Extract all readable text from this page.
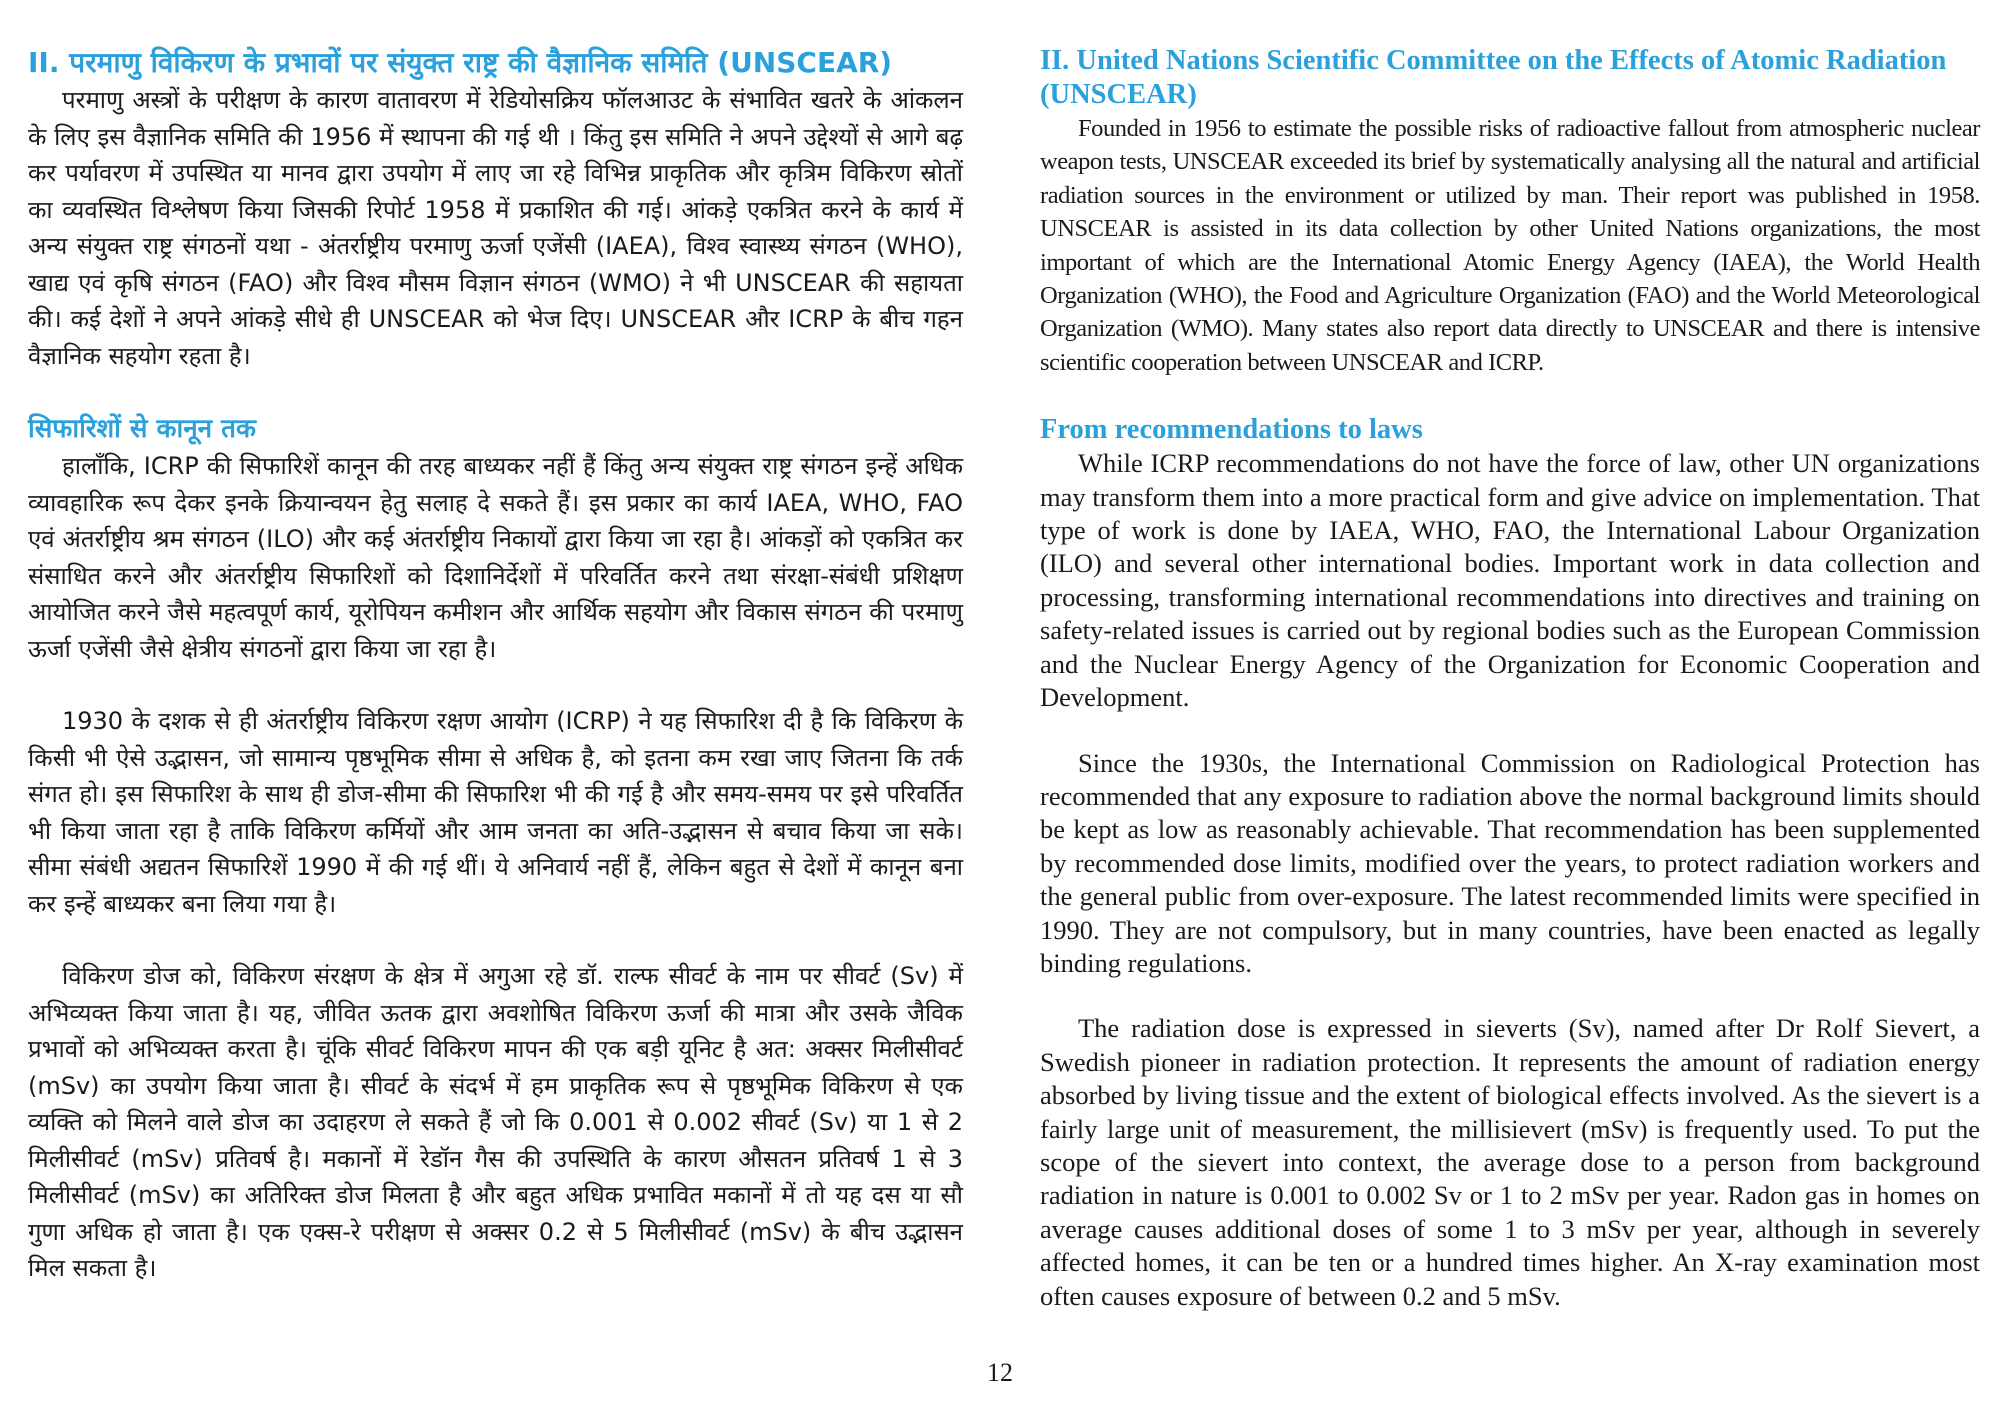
II. परमाणु विकिरण के प्रभावों पर संयुक्त राष्ट्र की वैज्ञानिक समिति (UNSCEAR)

परमाणु अस्त्रों के परीक्षण के कारण वातावरण में रेडियोसक्रिय फॉलआउट के संभावित खतरे के आंकलन के लिए इस वैज्ञानिक समिति की 1956 में स्थापना की गई थी । किंतु इस समिति ने अपने उद्देश्यों से आगे बढ़ कर पर्यावरण में उपस्थित या मानव द्वारा उपयोग में लाए जा रहे विभिन्न प्राकृतिक और कृत्रिम विकिरण स्रोतों का व्यवस्थित विश्लेषण किया जिसकी रिपोर्ट 1958 में प्रकाशित की गई। आंकड़े एकत्रित करने के कार्य में अन्य संयुक्त राष्ट्र संगठनों यथा - अंतर्राष्ट्रीय परमाणु ऊर्जा एजेंसी (IAEA), विश्व स्वास्थ्य संगठन (WHO), खाद्य एवं कृषि संगठन (FAO) और विश्व मौसम विज्ञान संगठन (WMO) ने भी UNSCEAR की सहायता की। कई देशों ने अपने आंकड़े सीधे ही UNSCEAR को भेज दिए। UNSCEAR और ICRP के बीच गहन वैज्ञानिक सहयोग रहता है।

सिफारिशों से कानून तक

हालाँकि, ICRP की सिफारिशें कानून की तरह बाध्यकर नहीं हैं किंतु अन्य संयुक्त राष्ट्र संगठन इन्हें अधिक व्यावहारिक रूप देकर इनके क्रियान्वयन हेतु सलाह दे सकते हैं। इस प्रकार का कार्य IAEA, WHO, FAO एवं अंतर्राष्ट्रीय श्रम संगठन (ILO) और कई अंतर्राष्ट्रीय निकायों द्वारा किया जा रहा है। आंकड़ों को एकत्रित कर संसाधित करने और अंतर्राष्ट्रीय सिफारिशों को दिशानिर्देशों में परिवर्तित करने तथा संरक्षा-संबंधी प्रशिक्षण आयोजित करने जैसे महत्वपूर्ण कार्य, यूरोपियन कमीशन और आर्थिक सहयोग और विकास संगठन की परमाणु ऊर्जा एजेंसी जैसे क्षेत्रीय संगठनों द्वारा किया जा रहा है।

1930 के दशक से ही अंतर्राष्ट्रीय विकिरण रक्षण आयोग (ICRP) ने यह सिफारिश दी है कि विकिरण के किसी भी ऐसे उद्भासन, जो सामान्य पृष्ठभूमिक सीमा से अधिक है, को इतना कम रखा जाए जितना कि तर्क संगत हो। इस सिफारिश के साथ ही डोज-सीमा की सिफारिश भी की गई है और समय-समय पर इसे परिवर्तित भी किया जाता रहा है ताकि विकिरण कर्मियों और आम जनता का अति-उद्भासन से बचाव किया जा सके। सीमा संबंधी अद्यतन सिफारिशें 1990 में की गई थीं। ये अनिवार्य नहीं हैं, लेकिन बहुत से देशों में कानून बना कर इन्हें बाध्यकर बना लिया गया है।

विकिरण डोज को, विकिरण संरक्षण के क्षेत्र में अगुआ रहे डॉ. राल्फ सीवर्ट के नाम पर सीवर्ट (Sv) में अभिव्यक्त किया जाता है। यह, जीवित ऊतक द्वारा अवशोषित विकिरण ऊर्जा की मात्रा और उसके जैविक प्रभावों को अभिव्यक्त करता है। चूंकि सीवर्ट विकिरण मापन की एक बड़ी यूनिट है अत: अक्सर मिलीसीवर्ट (mSv) का उपयोग किया जाता है। सीवर्ट के संदर्भ में हम प्राकृतिक रूप से पृष्ठभूमिक विकिरण से एक व्यक्ति को मिलने वाले डोज का उदाहरण ले सकते हैं जो कि 0.001 से 0.002 सीवर्ट (Sv) या 1 से 2 मिलीसीवर्ट (mSv) प्रतिवर्ष है। मकानों में रेडॉन गैस की उपस्थिति के कारण औसतन प्रतिवर्ष 1 से 3 मिलीसीवर्ट (mSv) का अतिरिक्त डोज मिलता है और बहुत अधिक प्रभावित मकानों में तो यह दस या सौ गुणा अधिक हो जाता है। एक एक्स-रे परीक्षण से अक्सर 0.2 से 5 मिलीसीवर्ट (mSv) के बीच उद्भासन मिल सकता है।

II. United Nations Scientific Committee on the Effects of Atomic Radiation (UNSCEAR)

Founded in 1956 to estimate the possible risks of radioactive fallout from atmospheric nuclear weapon tests, UNSCEAR exceeded its brief by systematically analysing all the natural and artificial radiation sources in the environment or utilized by man. Their report was published in 1958. UNSCEAR is assisted in its data collection by other United Nations organizations, the most important of which are the International Atomic Energy Agency (IAEA), the World Health Organization (WHO), the Food and Agriculture Organization (FAO) and the World Meteorological Organization (WMO). Many states also report data directly to UNSCEAR and there is intensive scientific cooperation between UNSCEAR and ICRP.

From recommendations to laws

While ICRP recommendations do not have the force of law, other UN organizations may transform them into a more practical form and give advice on implementation. That type of work is done by IAEA, WHO, FAO, the International Labour Organization (ILO) and several other international bodies. Important work in data collection and processing, transforming international recommendations into directives and training on safety-related issues is carried out by regional bodies such as the European Commission and the Nuclear Energy Agency of the Organization for Economic Cooperation and Development.

Since the 1930s, the International Commission on Radiological Protection has recommended that any exposure to radiation above the normal background limits should be kept as low as reasonably achievable. That recommendation has been supplemented by recommended dose limits, modified over the years, to protect radiation workers and the general public from over-exposure. The latest recommended limits were specified in 1990. They are not compulsory, but in many countries, have been enacted as legally binding regulations.

The radiation dose is expressed in sieverts (Sv), named after Dr Rolf Sievert, a Swedish pioneer in radiation protection. It represents the amount of radiation energy absorbed by living tissue and the extent of biological effects involved. As the sievert is a fairly large unit of measurement, the millisievert (mSv) is frequently used. To put the scope of the sievert into context, the average dose to a person from background radiation in nature is 0.001 to 0.002 Sv or 1 to 2 mSv per year. Radon gas in homes on average causes additional doses of some 1 to 3 mSv per year, although in severely affected homes, it can be ten or a hundred times higher. An X-ray examination most often causes exposure of between 0.2 and 5 mSv.

12
